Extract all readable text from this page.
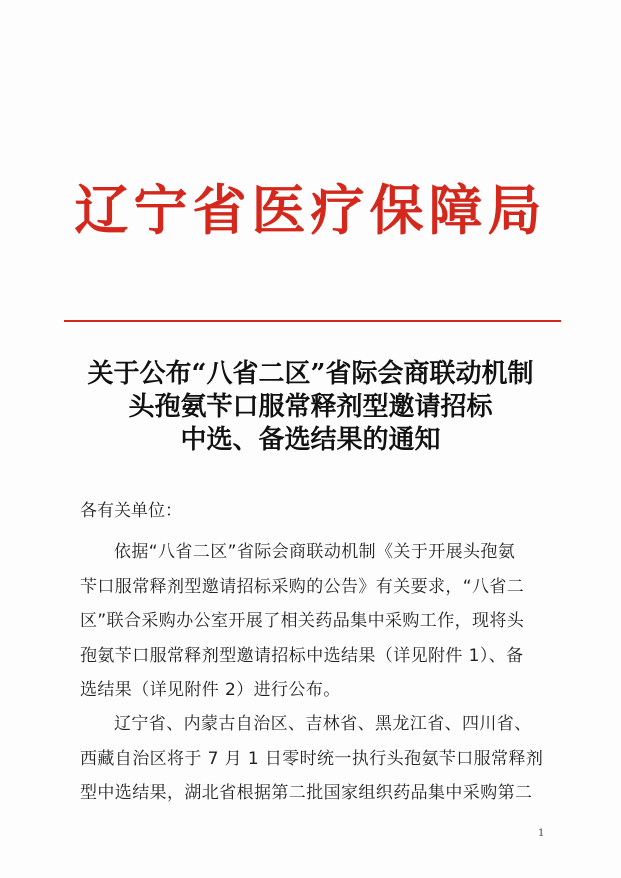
辽宁省医疗保障局
关于公布“八省二区”省际会商联动机制
头孢氨苄口服常释剂型邀请招标
中选、备选结果的通知
各有关单位：
依据“八省二区”省际会商联动机制《关于开展头孢氨
苄口服常释剂型邀请招标采购的公告》有关要求，“八省二
区”联合采购办公室开展了相关药品集中采购工作，现将头
孢氨苄口服常释剂型邀请招标中选结果（详见附件 1）、备
选结果（详见附件 2）进行公布。
辽宁省、内蒙古自治区、吉林省、黑龙江省、四川省、
西藏自治区将于 7 月 1 日零时统一执行头孢氨苄口服常释剂
型中选结果，湖北省根据第二批国家组织药品集中采购第二
1
